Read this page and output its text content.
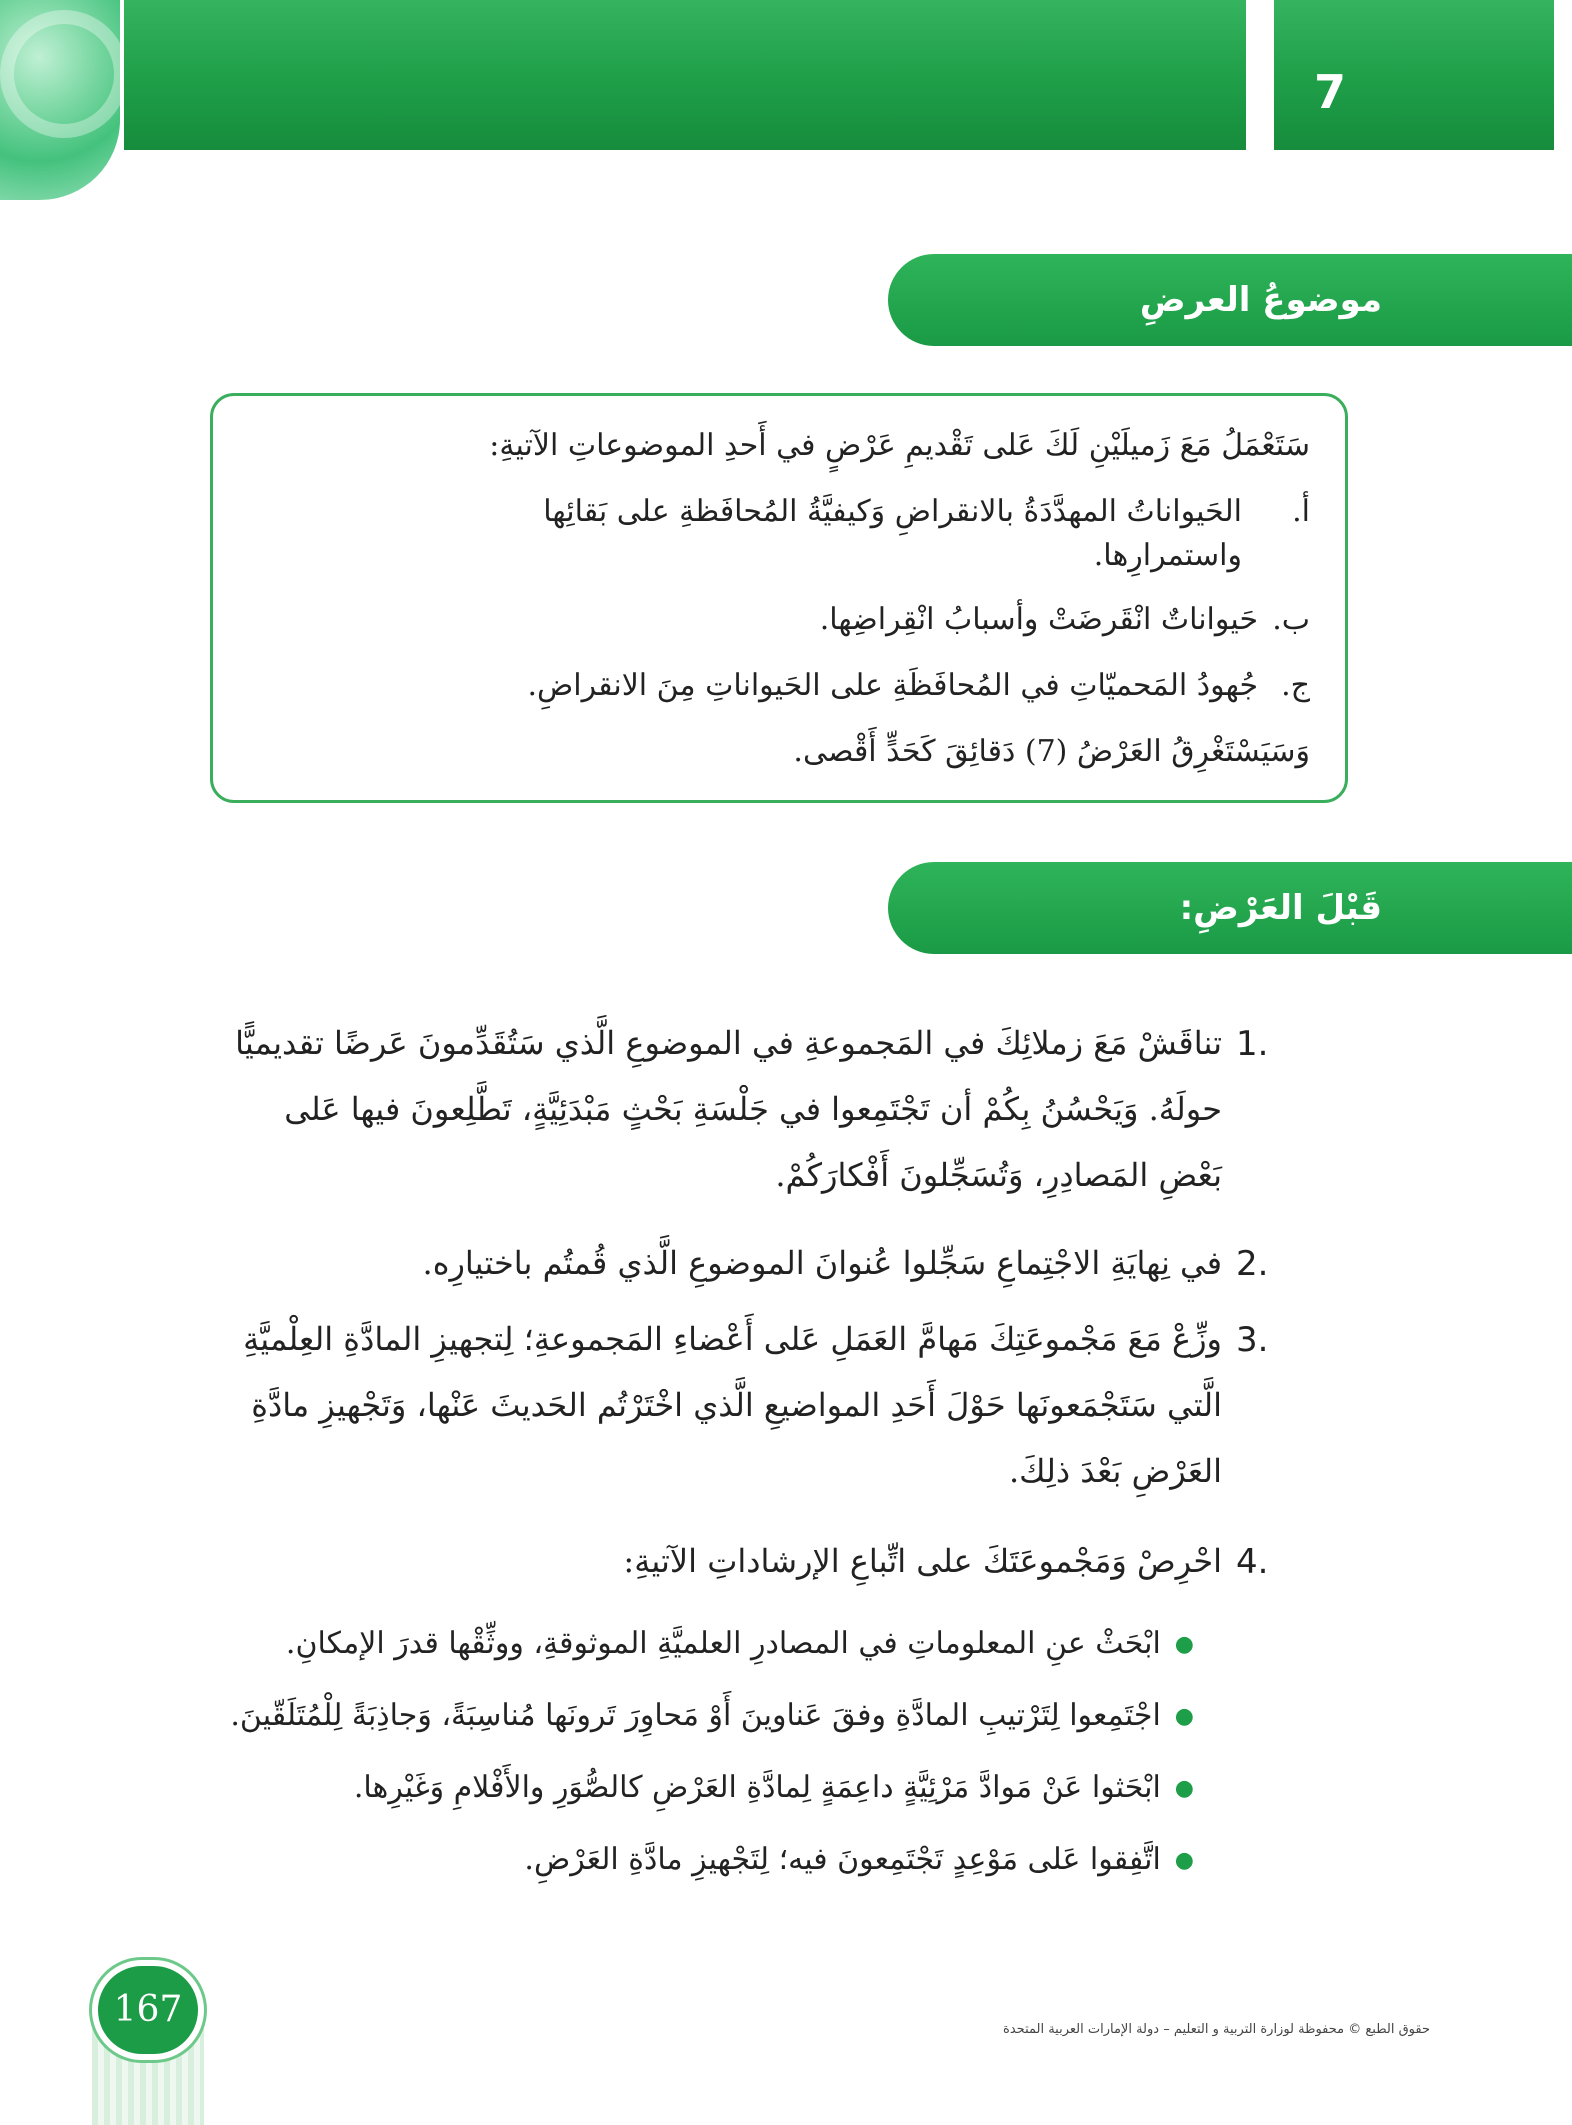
7
موضوعُ العرضِ
سَتَعْمَلُ مَعَ زَميلَيْنِ لَكَ عَلى تَقْديمِ عَرْضٍ في أَحدِ الموضوعاتِ الآتيةِ:
أ.
الحَيواناتُ المهدَّدَةُ بالانقراضِ وَكيفيَّةُ المُحافَظةِ على بَقائِها واستمرارِها.
ب.
حَيواناتٌ انْقَرضَتْ وأسبابُ انْقِراضِها.
ج.
جُهودُ المَحميّاتِ في المُحافَظَةِ على الحَيواناتِ مِنَ الانقراضِ.
وَسَيَسْتَغْرِقُ العَرْضُ (7) دَقائِقَ كَحَدٍّ أَقْصى.
قَبْلَ العَرْضِ:
1.
تناقَشْ مَعَ زملائِكَ في المَجموعةِ في الموضوعِ الَّذي سَتُقَدِّمونَ عَرضًا تقديميًّا حولَهُ. وَيَحْسُنُ بِكُمْ أن تَجْتَمِعوا في جَلْسَةِ بَحْثٍ مَبْدَئِيَّةٍ، تَطَّلِعونَ فيها عَلى بَعْضِ المَصادِرِ، وَتُسَجِّلونَ أَفْكارَكُمْ.
2.
في نِهايَةِ الاجْتِماعِ سَجِّلوا عُنوانَ الموضوعِ الَّذي قُمتُم باختيارِه.
3.
وزِّعْ مَعَ مَجْموعَتِكَ مَهامَّ العَمَلِ عَلى أَعْضاءِ المَجموعةِ؛ لِتجهيزِ المادَّةِ العِلْميَّةِ الَّتي سَتَجْمَعونَها حَوْلَ أَحَدِ المواضيعِ الَّذي اخْتَرْتُم الحَديثَ عَنْها، وَتَجْهيزِ مادَّةِ العَرْضِ بَعْدَ ذلِكَ.
4.
احْرِصْ وَمَجْموعَتَكَ على اتِّباعِ الإرشاداتِ الآتيةِ:
●ابْحَثْ عنِ المعلوماتِ في المصادرِ العلميَّةِ الموثوقةِ، ووثِّقْها قدرَ الإمكانِ.
●اجْتَمِعوا لِتَرْتيبِ المادَّةِ وفقَ عَناوينَ أَوْ مَحاوِرَ تَرونَها مُناسِبَةً، وَجاذِبَةً لِلْمُتَلَقّينَ.
●ابْحَثوا عَنْ مَوادَّ مَرْئِيَّةٍ داعِمَةٍ لِمادَّةِ العَرْضِ كالصُّوَرِ والأَفْلامِ وَغَيْرِها.
●اتَّفِقوا عَلى مَوْعِدٍ تَجْتَمِعونَ فيه؛ لِتَجْهيزِ مادَّةِ العَرْضِ.
167	حقوق الطبع © محفوظة لوزارة التربية و التعليم – دولة الإمارات العربية المتحدة
